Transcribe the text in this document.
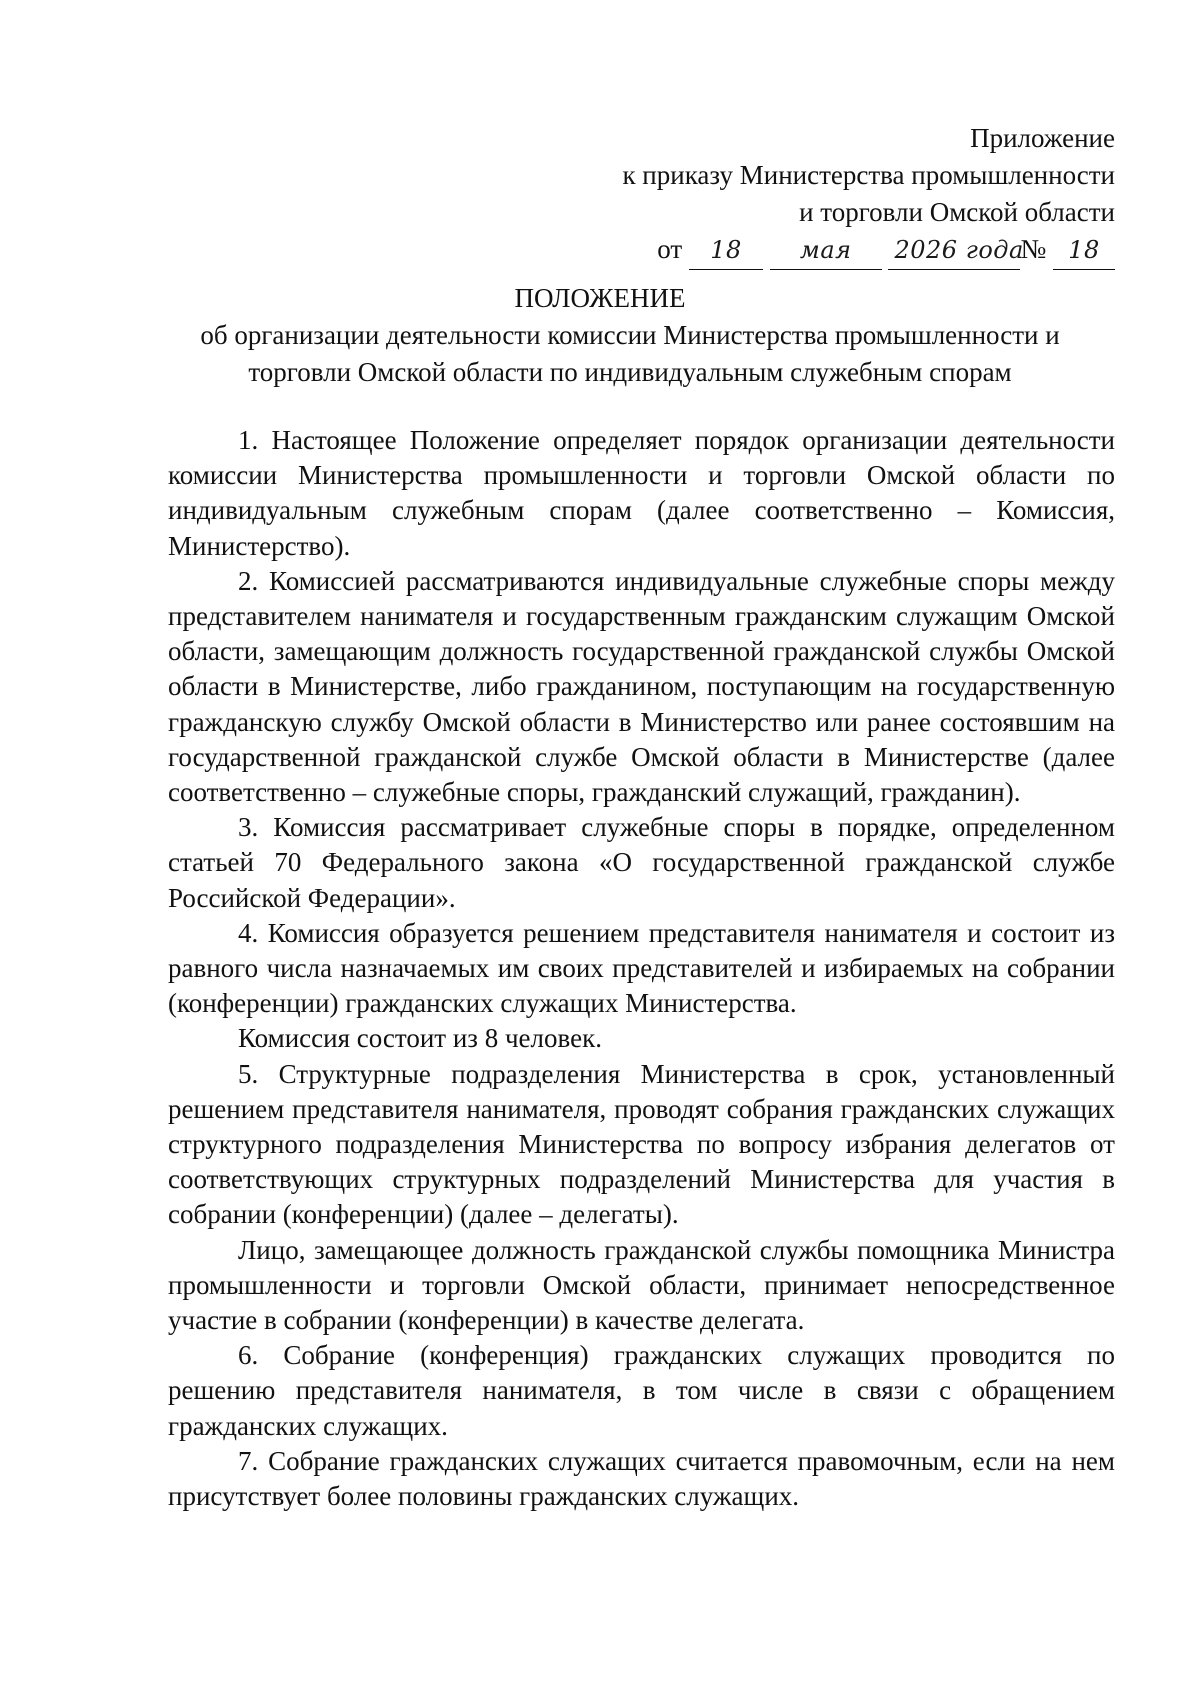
Приложение
к приказу Министерства промышленности
и торговли Омской области
от 18 мая 2026 года№ 18
ПОЛОЖЕНИЕ
об организации деятельности комиссии Министерства промышленности и торговли Омской области по индивидуальным служебным спорам

1. Настоящее Положение определяет порядок организации деятельности комиссии Министерства промышленности и торговли Омской области по индивидуальным служебным спорам (далее соответственно – Комиссия, Министерство).

2. Комиссией рассматриваются индивидуальные служебные споры между представителем нанимателя и государственным гражданским служащим Омской области, замещающим должность государственной гражданской службы Омской области в Министерстве, либо гражданином, поступающим на государственную гражданскую службу Омской области в Министерство или ранее состоявшим на государственной гражданской службе Омской области в Министерстве (далее соответственно – служебные споры, гражданский служащий, гражданин).

3. Комиссия рассматривает служебные споры в порядке, определенном статьей 70 Федерального закона «О государственной гражданской службе Российской Федерации».

4. Комиссия образуется решением представителя нанимателя и состоит из равного числа назначаемых им своих представителей и избираемых на собрании (конференции) гражданских служащих Министерства.

Комиссия состоит из 8 человек.

5. Структурные подразделения Министерства в срок, установленный решением представителя нанимателя, проводят собрания гражданских служащих структурного подразделения Министерства по вопросу избрания делегатов от соответствующих структурных подразделений Министерства для участия в собрании (конференции) (далее – делегаты).

Лицо, замещающее должность гражданской службы помощника Министра промышленности и торговли Омской области, принимает непосредственное участие в собрании (конференции) в качестве делегата.

6. Собрание (конференция) гражданских служащих проводится по решению представителя нанимателя, в том числе в связи с обращением гражданских служащих.

7. Собрание гражданских служащих считается правомочным, если на нем присутствует более половины гражданских служащих.
